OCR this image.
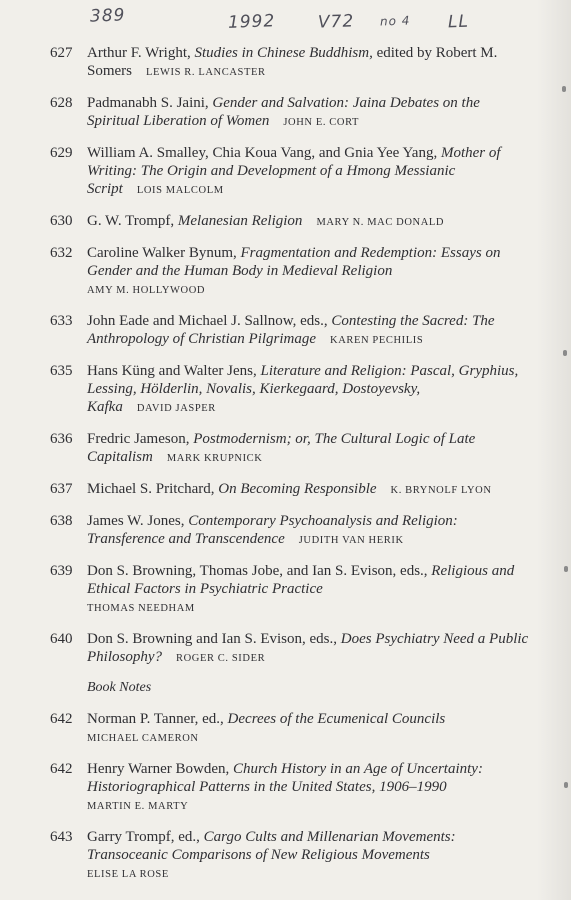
389	1992 V72 no 4 LL
627 Arthur F. Wright, Studies in Chinese Buddhism, edited by Robert M. Somers LEWIS R. LANCASTER
628 Padmanabh S. Jaini, Gender and Salvation: Jaina Debates on the Spiritual Liberation of Women JOHN E. CORT
629 William A. Smalley, Chia Koua Vang, and Gnia Yee Yang, Mother of Writing: The Origin and Development of a Hmong Messianic Script LOIS MALCOLM
630 G. W. Trompf, Melanesian Religion MARY N. MAC DONALD
632 Caroline Walker Bynum, Fragmentation and Redemption: Essays on Gender and the Human Body in Medieval Religion
AMY M. HOLLYWOOD
633 John Eade and Michael J. Sallnow, eds., Contesting the Sacred: The Anthropology of Christian Pilgrimage KAREN PECHILIS
635 Hans Küng and Walter Jens, Literature and Religion: Pascal, Gryphius, Lessing, Hölderlin, Novalis, Kierkegaard, Dostoyevsky, Kafka DAVID JASPER
636 Fredric Jameson, Postmodernism; or, The Cultural Logic of Late Capitalism MARK KRUPNICK
637 Michael S. Pritchard, On Becoming Responsible K. BRYNOLF LYON
638 James W. Jones, Contemporary Psychoanalysis and Religion: Transference and Transcendence JUDITH VAN HERIK
639 Don S. Browning, Thomas Jobe, and Ian S. Evison, eds., Religious and Ethical Factors in Psychiatric Practice
THOMAS NEEDHAM
640 Don S. Browning and Ian S. Evison, eds., Does Psychiatry Need a Public Philosophy? ROGER C. SIDER
Book Notes
642 Norman P. Tanner, ed., Decrees of the Ecumenical Councils
MICHAEL CAMERON
642 Henry Warner Bowden, Church History in an Age of Uncertainty: Historiographical Patterns in the United States, 1906–1990
MARTIN E. MARTY
643 Garry Trompf, ed., Cargo Cults and Millenarian Movements: Transoceanic Comparisons of New Religious Movements
ELISE LA ROSE
